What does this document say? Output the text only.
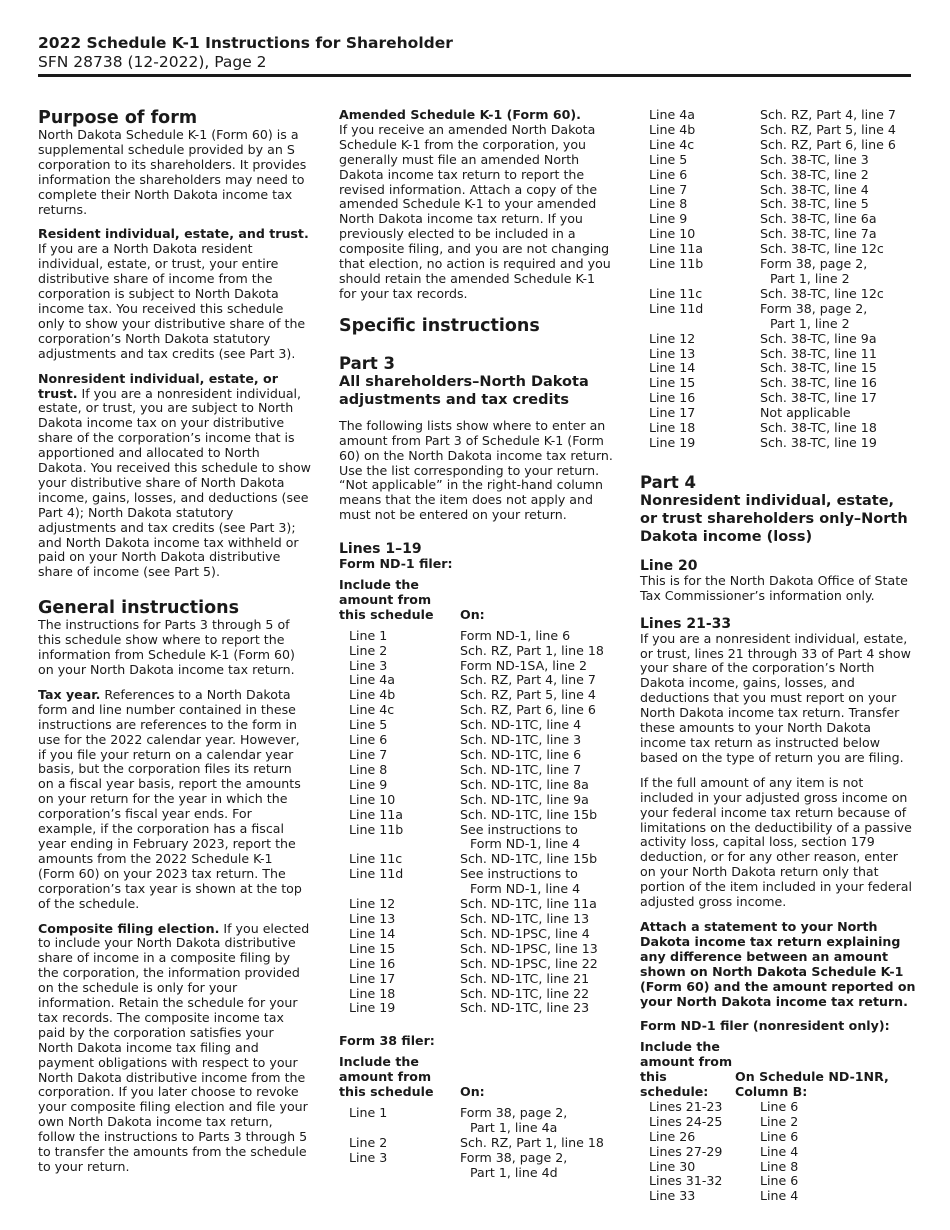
2022 Schedule K-1 Instructions for Shareholder
SFN 28738 (12-2022), Page 2
Purpose of form

North Dakota Schedule K-1 (Form 60) is a supplemental schedule provided by an S corporation to its shareholders. It provides information the shareholders may need to complete their North Dakota income tax returns.

Resident individual, estate, and trust. If you are a North Dakota resident individual, estate, or trust, your entire distributive share of income from the corporation is subject to North Dakota income tax. You received this schedule only to show your distributive share of the corporation’s North Dakota statutory adjustments and tax credits (see Part 3).

Nonresident individual, estate, or trust. If you are a nonresident individual, estate, or trust, you are subject to North Dakota income tax on your distributive share of the corporation’s income that is apportioned and allocated to North Dakota. You received this schedule to show your distributive share of North Dakota income, gains, losses, and deductions (see Part 4); North Dakota statutory adjustments and tax credits (see Part 3); and North Dakota income tax withheld or paid on your North Dakota distributive share of income (see Part 5).

General instructions

The instructions for Parts 3 through 5 of this schedule show where to report the information from Schedule K-1 (Form 60) on your North Dakota income tax return.

Tax year. References to a North Dakota form and line number contained in these instructions are references to the form in use for the 2022 calendar year. However, if you file your return on a calendar year basis, but the corporation files its return on a fiscal year basis, report the amounts on your return for the year in which the corporation’s fiscal year ends. For example, if the corporation has a fiscal year ending in February 2023, report the amounts from the 2022 Schedule K-1 (Form 60) on your 2023 tax return. The corporation’s tax year is shown at the top of the schedule.

Composite filing election. If you elected to include your North Dakota distributive share of income in a composite filing by the corporation, the information provided on the schedule is only for your information. Retain the schedule for your tax records. The composite income tax paid by the corporation satisfies your North Dakota income tax filing and payment obligations with respect to your North Dakota distributive income from the corporation. If you later choose to revoke your composite filing election and file your own North Dakota income tax return, follow the instructions to Parts 3 through 5 to transfer the amounts from the schedule to your return.

Amended Schedule K-1 (Form 60).

If you receive an amended North Dakota Schedule K-1 from the corporation, you generally must file an amended North Dakota income tax return to report the revised information. Attach a copy of the amended Schedule K-1 to your amended North Dakota income tax return. If you previously elected to be included in a composite filing, and you are not changing that election, no action is required and you should retain the amended Schedule K-1 for your tax records.

Specific instructions
Part 3
All shareholders–North Dakota adjustments and tax credits

The following lists show where to enter an amount from Part 3 of Schedule K-1 (Form 60) on the North Dakota income tax return. Use the list corresponding to your return. “Not applicable” in the right-hand column means that the item does not apply and must not be entered on your return.

Lines 1–19
Form ND-1 filer:
Include the amount from this schedule	On:
Line 1	Form ND-1, line 6
Line 2	Sch. RZ, Part 1, line 18
Line 3	Form ND-1SA, line 2
Line 4a	Sch. RZ, Part 4, line 7
Line 4b	Sch. RZ, Part 5, line 4
Line 4c	Sch. RZ, Part 6, line 6
Line 5	Sch. ND-1TC, line 4
Line 6	Sch. ND-1TC, line 3
Line 7	Sch. ND-1TC, line 6
Line 8	Sch. ND-1TC, line 7
Line 9	Sch. ND-1TC, line 8a
Line 10	Sch. ND-1TC, line 9a
Line 11a	Sch. ND-1TC, line 15b
Line 11b	See instructions to
Form ND-1, line 4
Line 11c	Sch. ND-1TC, line 15b
Line 11d	See instructions to
Form ND-1, line 4
Line 12	Sch. ND-1TC, line 11a
Line 13	Sch. ND-1TC, line 13
Line 14	Sch. ND-1PSC, line 4
Line 15	Sch. ND-1PSC, line 13
Line 16	Sch. ND-1PSC, line 22
Line 17	Sch. ND-1TC, line 21
Line 18	Sch. ND-1TC, line 22
Line 19	Sch. ND-1TC, line 23
Form 38 filer:
Include the amount from this schedule	On:
Line 1	Form 38, page 2,
Part 1, line 4a
Line 2	Sch. RZ, Part 1, line 18
Line 3	Form 38, page 2,
Part 1, line 4d
Line 4a	Sch. RZ, Part 4, line 7
Line 4b	Sch. RZ, Part 5, line 4
Line 4c	Sch. RZ, Part 6, line 6
Line 5	Sch. 38-TC, line 3
Line 6	Sch. 38-TC, line 2
Line 7	Sch. 38-TC, line 4
Line 8	Sch. 38-TC, line 5
Line 9	Sch. 38-TC, line 6a
Line 10	Sch. 38-TC, line 7a
Line 11a	Sch. 38-TC, line 12c
Line 11b	Form 38, page 2,
Part 1, line 2
Line 11c	Sch. 38-TC, line 12c
Line 11d	Form 38, page 2,
Part 1, line 2
Line 12	Sch. 38-TC, line 9a
Line 13	Sch. 38-TC, line 11
Line 14	Sch. 38-TC, line 15
Line 15	Sch. 38-TC, line 16
Line 16	Sch. 38-TC, line 17
Line 17	Not applicable
Line 18	Sch. 38-TC, line 18
Line 19	Sch. 38-TC, line 19
Part 4
Nonresident individual, estate, or trust shareholders only–North Dakota income (loss)
Line 20

This is for the North Dakota Office of State Tax Commissioner’s information only.

Lines 21-33

If you are a nonresident individual, estate, or trust, lines 21 through 33 of Part 4 show your share of the corporation’s North Dakota income, gains, losses, and deductions that you must report on your North Dakota income tax return. Transfer these amounts to your North Dakota income tax return as instructed below based on the type of return you are filing.

If the full amount of any item is not included in your adjusted gross income on your federal income tax return because of limitations on the deductibility of a passive activity loss, capital loss, section 179 deduction, or for any other reason, enter on your North Dakota return only that portion of the item included in your federal adjusted gross income.

Attach a statement to your North Dakota income tax return explaining any difference between an amount shown on North Dakota Schedule K-1 (Form 60) and the amount reported on your North Dakota income tax return.

Form ND-1 filer (nonresident only):
Include the amount from this schedule:
On Schedule ND-1NR, Column B:
Lines 21-23	Line 6
Lines 24-25	Line 2
Line 26	Line 6
Lines 27-29	Line 4
Line 30	Line 8
Lines 31-32	Line 6
Line 33	Line 4
